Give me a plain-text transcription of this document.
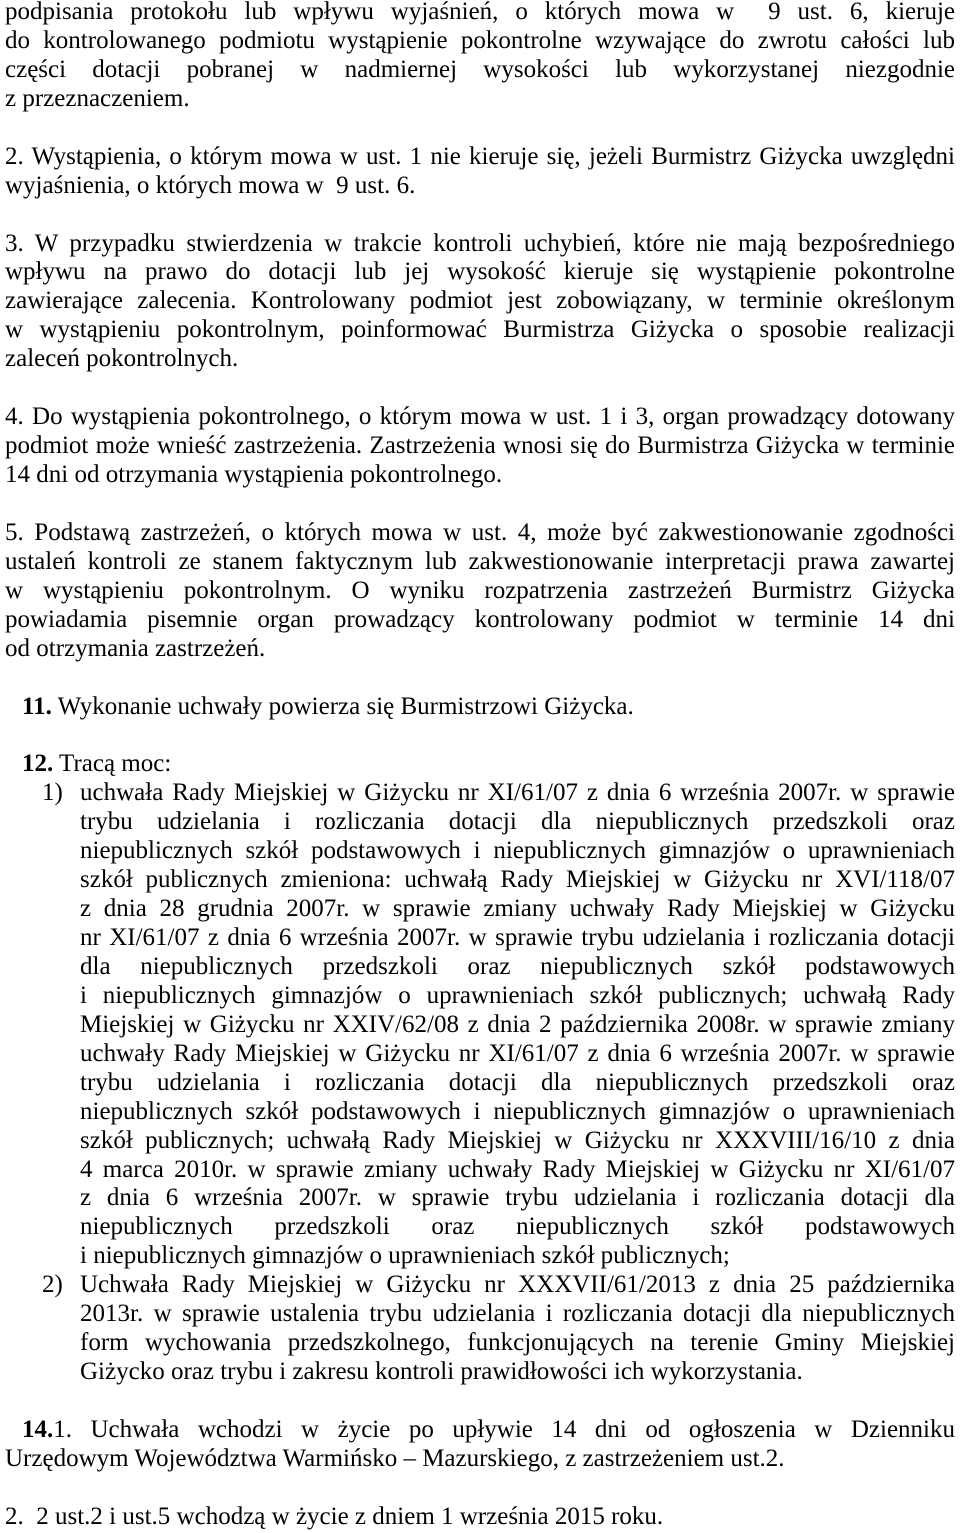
podpisania protokołu lub wpływu wyjaśnień, o których mowa w  9 ust. 6, kieruje
do kontrolowanego podmiotu wystąpienie pokontrolne wzywające do zwrotu całości lub
części dotacji pobranej w nadmiernej wysokości lub wykorzystanej niezgodnie
z przeznaczeniem.
2. Wystąpienia, o którym mowa w ust. 1 nie kieruje się, jeżeli Burmistrz Giżycka uwzględni
wyjaśnienia, o których mowa w  9 ust. 6.
3. W przypadku stwierdzenia w trakcie kontroli uchybień, które nie mają bezpośredniego
wpływu na prawo do dotacji lub jej wysokość kieruje się wystąpienie pokontrolne
zawierające zalecenia. Kontrolowany podmiot jest zobowiązany, w terminie określonym
w wystąpieniu pokontrolnym, poinformować Burmistrza Giżycka o sposobie realizacji
zaleceń pokontrolnych.
4. Do wystąpienia pokontrolnego, o którym mowa w ust. 1 i 3, organ prowadzący dotowany
podmiot może wnieść zastrzeżenia. Zastrzeżenia wnosi się do Burmistrza Giżycka w terminie
14 dni od otrzymania wystąpienia pokontrolnego.
5. Podstawą zastrzeżeń, o których mowa w ust. 4, może być zakwestionowanie zgodności
ustaleń kontroli ze stanem faktycznym lub zakwestionowanie interpretacji prawa zawartej
w wystąpieniu pokontrolnym. O wyniku rozpatrzenia zastrzeżeń Burmistrz Giżycka
powiadamia pisemnie organ prowadzący kontrolowany podmiot w terminie 14 dni
od otrzymania zastrzeżeń.
11. Wykonanie uchwały powierza się Burmistrzowi Giżycka.
12. Tracą moc:
1) uchwała Rady Miejskiej w Giżycku nr XI/61/07 z dnia 6 września 2007r. w sprawie
trybu udzielania i rozliczania dotacji dla niepublicznych przedszkoli oraz
niepublicznych szkół podstawowych i niepublicznych gimnazjów o uprawnieniach
szkół publicznych zmieniona: uchwałą Rady Miejskiej w Giżycku nr XVI/118/07
z dnia 28 grudnia 2007r. w sprawie zmiany uchwały Rady Miejskiej w Giżycku
nr XI/61/07 z dnia 6 września 2007r. w sprawie trybu udzielania i rozliczania dotacji
dla niepublicznych przedszkoli oraz niepublicznych szkół podstawowych
i niepublicznych gimnazjów o uprawnieniach szkół publicznych; uchwałą Rady
Miejskiej w Giżycku nr XXIV/62/08 z dnia 2 października 2008r. w sprawie zmiany
uchwały Rady Miejskiej w Giżycku nr XI/61/07 z dnia 6 września 2007r. w sprawie
trybu udzielania i rozliczania dotacji dla niepublicznych przedszkoli oraz
niepublicznych szkół podstawowych i niepublicznych gimnazjów o uprawnieniach
szkół publicznych; uchwałą Rady Miejskiej w Giżycku nr XXXVIII/16/10 z dnia
4 marca 2010r. w sprawie zmiany uchwały Rady Miejskiej w Giżycku nr XI/61/07
z dnia 6 września 2007r. w sprawie trybu udzielania i rozliczania dotacji dla
niepublicznych przedszkoli oraz niepublicznych szkół podstawowych
i niepublicznych gimnazjów o uprawnieniach szkół publicznych;
2) Uchwała Rady Miejskiej w Giżycku nr XXXVII/61/2013 z dnia 25 października
2013r. w sprawie ustalenia trybu udzielania i rozliczania dotacji dla niepublicznych
form wychowania przedszkolnego, funkcjonujących na terenie Gminy Miejskiej
Giżycko oraz trybu i zakresu kontroli prawidłowości ich wykorzystania.
14.1. Uchwała wchodzi w życie po upływie 14 dni od ogłoszenia w Dzienniku
Urzędowym Województwa Warmińsko – Mazurskiego, z zastrzeżeniem ust.2.
2.  2 ust.2 i ust.5 wchodzą w życie z dniem 1 września 2015 roku.
